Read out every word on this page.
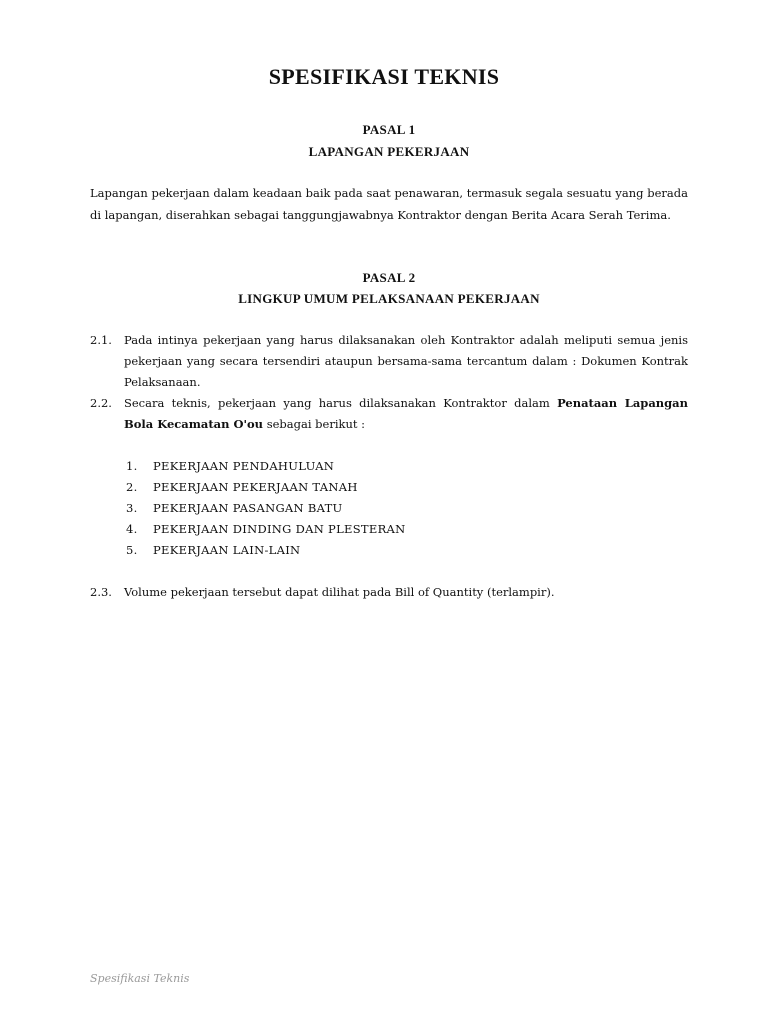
SPESIFIKASI TEKNIS
PASAL 1
LAPANGAN PEKERJAAN
Lapangan pekerjaan dalam keadaan baik pada saat penawaran, termasuk segala sesuatu yang berada di lapangan, diserahkan sebagai tanggungjawabnya Kontraktor dengan Berita Acara Serah Terima.
PASAL 2
LINGKUP UMUM PELAKSANAAN PEKERJAAN
2.1. Pada intinya pekerjaan yang harus dilaksanakan oleh Kontraktor adalah meliputi semua jenis pekerjaan yang secara tersendiri ataupun bersama-sama tercantum dalam : Dokumen Kontrak Pelaksanaan.
2.2. Secara teknis, pekerjaan yang harus dilaksanakan Kontraktor dalam Penataan Lapangan Bola Kecamatan O'ou sebagai berikut :
1. PEKERJAAN PENDAHULUAN
2. PEKERJAAN PEKERJAAN TANAH
3. PEKERJAAN PASANGAN BATU
4. PEKERJAAN DINDING DAN PLESTERAN
5. PEKERJAAN LAIN-LAIN
2.3. Volume pekerjaan tersebut dapat dilihat pada Bill of Quantity (terlampir).
Spesifikasi Teknis
